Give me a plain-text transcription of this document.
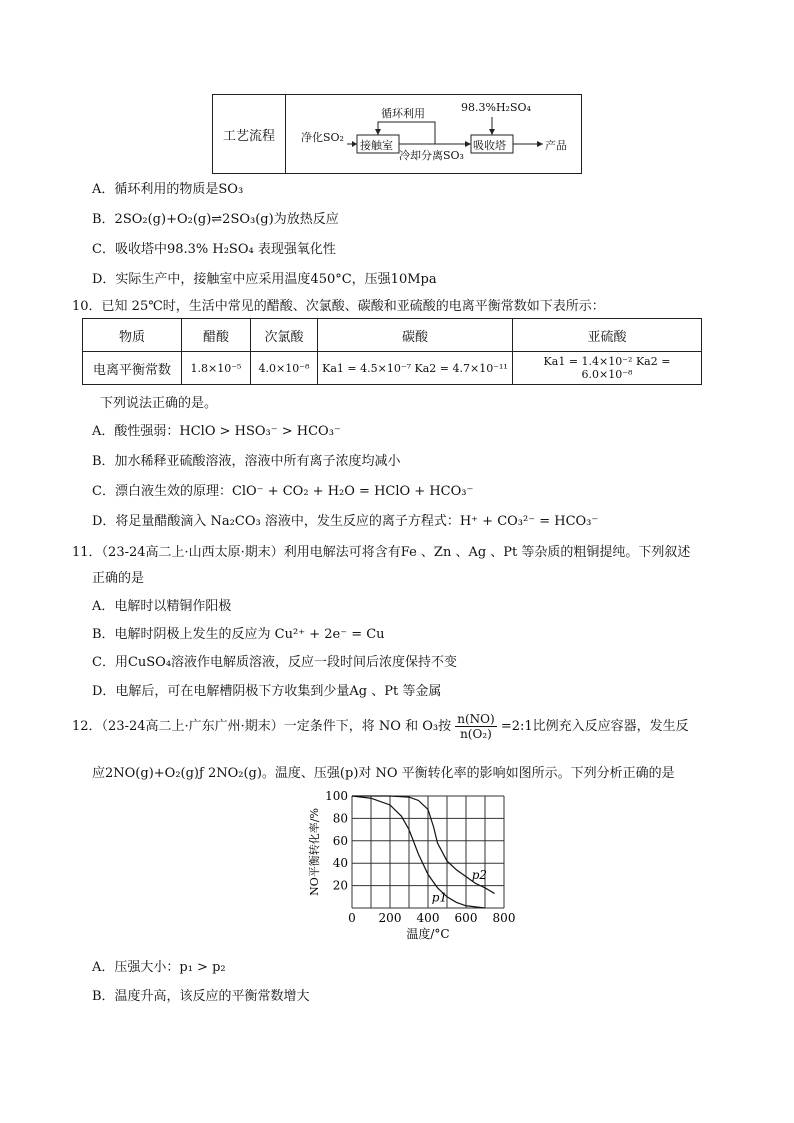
工艺流程	净化SO₂
循环利用	98.3%H₂SO₄
接触室
冷却分离SO₃
吸收塔	产品
A．循环利用的物质是SO₃
B．2SO₂(g)+O₂(g)⇌2SO₃(g)为放热反应
C．吸收塔中98.3% H₂SO₄ 表现强氧化性
D．实际生产中，接触室中应采用温度450°C，压强10Mpa
10．已知 25℃时，生活中常见的醋酸、次氯酸、碳酸和亚硫酸的电离平衡常数如下表所示：
物质	醋酸	次氯酸	碳酸	亚硫酸
电离平衡常数	1.8×10⁻⁵	4.0×10⁻⁸	Ka1 = 4.5×10⁻⁷ Ka2 = 4.7×10⁻¹¹	Ka1 = 1.4×10⁻² Ka2 = 6.0×10⁻⁸
下列说法正确的是。
A．酸性强弱：HClO > HSO₃⁻ > HCO₃⁻
B．加水稀释亚硫酸溶液，溶液中所有离子浓度均减小
C．漂白液生效的原理：ClO⁻ + CO₂ + H₂O = HClO + HCO₃⁻
D．将足量醋酸滴入 Na₂CO₃ 溶液中，发生反应的离子方程式：H⁺ + CO₃²⁻ = HCO₃⁻
11．（23-24高二上·山西太原·期末）利用电解法可将含有Fe 、Zn 、Ag 、Pt 等杂质的粗铜提纯。下列叙述
正确的是
A．电解时以精铜作阳极
B．电解时阴极上发生的反应为 Cu²⁺ + 2e⁻ = Cu
C．用CuSO₄溶液作电解质溶液，反应一段时间后浓度保持不变
D．电解后，可在电解槽阴极下方收集到少量Ag 、Pt 等金属
12．（23-24高二上·广东广州·期末）一定条件下，将 NO 和 O₃按 $\frac{n(NO)}{\text{n(O₂)}}$ =2:1比例充入反应容器，发生反
应2NO(g)+O₂(g)ƒ 2NO₂(g)。温度、压强(p)对 NO 平衡转化率的影响如图所示。下列分析正确的是
0 200 400 600 800
20
40
60
80
100
温度/°C
NO平衡转化率/%
p1
p2
A．压强大小：p₁ > p₂
B．温度升高，该反应的平衡常数增大
